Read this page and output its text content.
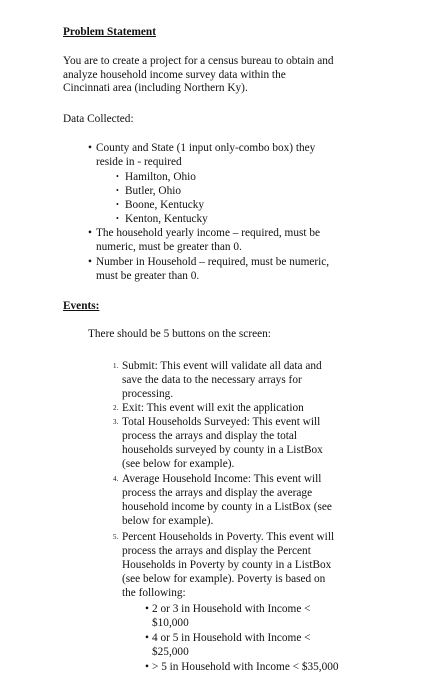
Problem Statement
You are to create a project for a census bureau to obtain and
analyze household income survey data within the
Cincinnati area (including Northern Ky).
Data Collected:
• County and State (1 input only-combo box) they
reside in - required
• Hamilton, Ohio
• Butler, Ohio
• Boone, Kentucky
• Kenton, Kentucky
• The household yearly income – required, must be
numeric, must be greater than 0.
• Number in Household – required, must be numeric,
must be greater than 0.
Events:
There should be 5 buttons on the screen:
1. Submit: This event will validate all data and
save the data to the necessary arrays for
processing.
2. Exit: This event will exit the application
3. Total Households Surveyed: This event will
process the arrays and display the total
households surveyed by county in a ListBox
(see below for example).
4. Average Household Income: This event will
process the arrays and display the average
household income by county in a ListBox (see
below for example).
5. Percent Households in Poverty. This event will
process the arrays and display the Percent
Households in Poverty by county in a ListBox
(see below for example). Poverty is based on
the following:
• 2 or 3 in Household with Income <
$10,000
• 4 or 5 in Household with Income <
$25,000
• > 5 in Household with Income < $35,000
